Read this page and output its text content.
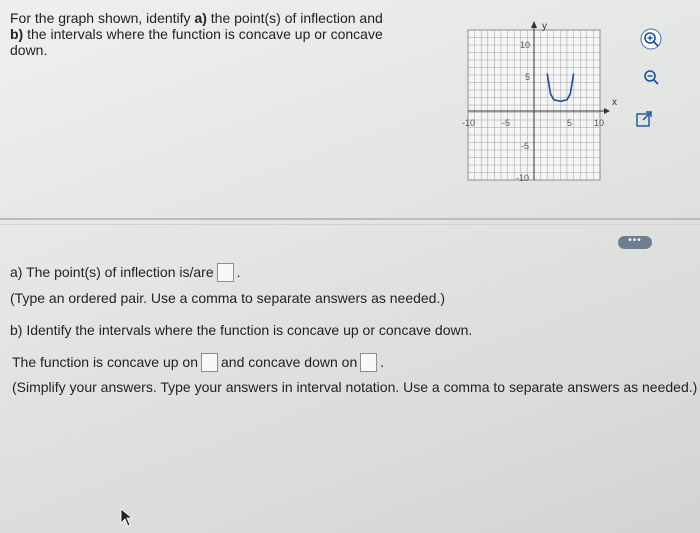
For the graph shown, identify a) the point(s) of inflection and
b) the intervals where the function is concave up or concave
down.
y
x
10
5
-5
-10
-10	-5	5 10
•••
a) The point(s) of inflection is/are .
(Type an ordered pair. Use a comma to separate answers as needed.)
b) Identify the intervals where the function is concave up or concave down.
The function is concave up on and concave down on .
(Simplify your answers. Type your answers in interval notation. Use a comma to separate answers as needed.)
